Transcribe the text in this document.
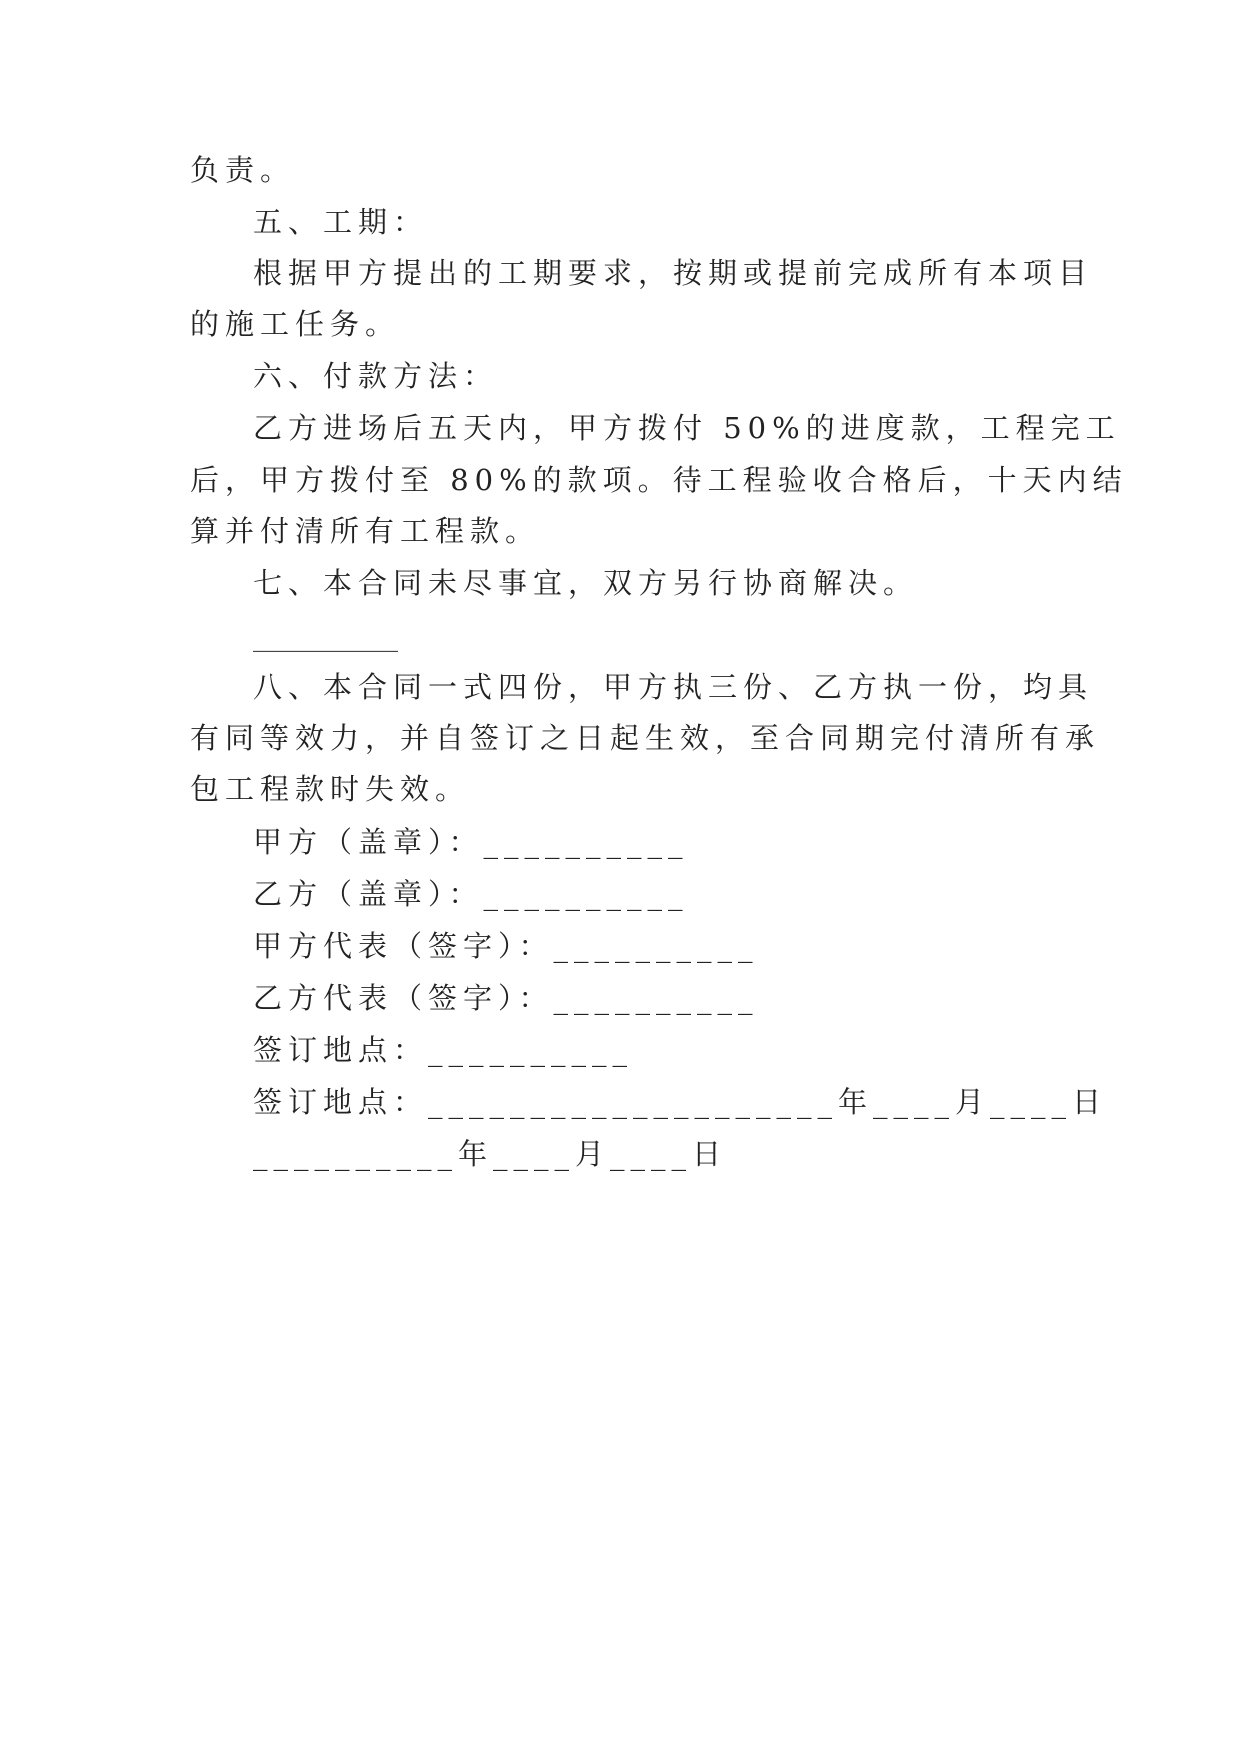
负责。
五、工期：
根据甲方提出的工期要求，按期或提前完成所有本项目
的施工任务。
六、付款方法：
乙方进场后五天内，甲方拨付 50%的进度款，工程完工
后，甲方拨付至 80%的款项。待工程验收合格后，十天内结
算并付清所有工程款。
七、本合同未尽事宜，双方另行协商解决。
__________
八、本合同一式四份，甲方执三份、乙方执一份，均具
有同等效力，并自签订之日起生效，至合同期完付清所有承
包工程款时失效。
甲方（盖章）：__________
乙方（盖章）：__________
甲方代表（签字）：__________
乙方代表（签字）：__________
签订地点：__________
签订地点：____________________年____月____日
__________年____月____日
